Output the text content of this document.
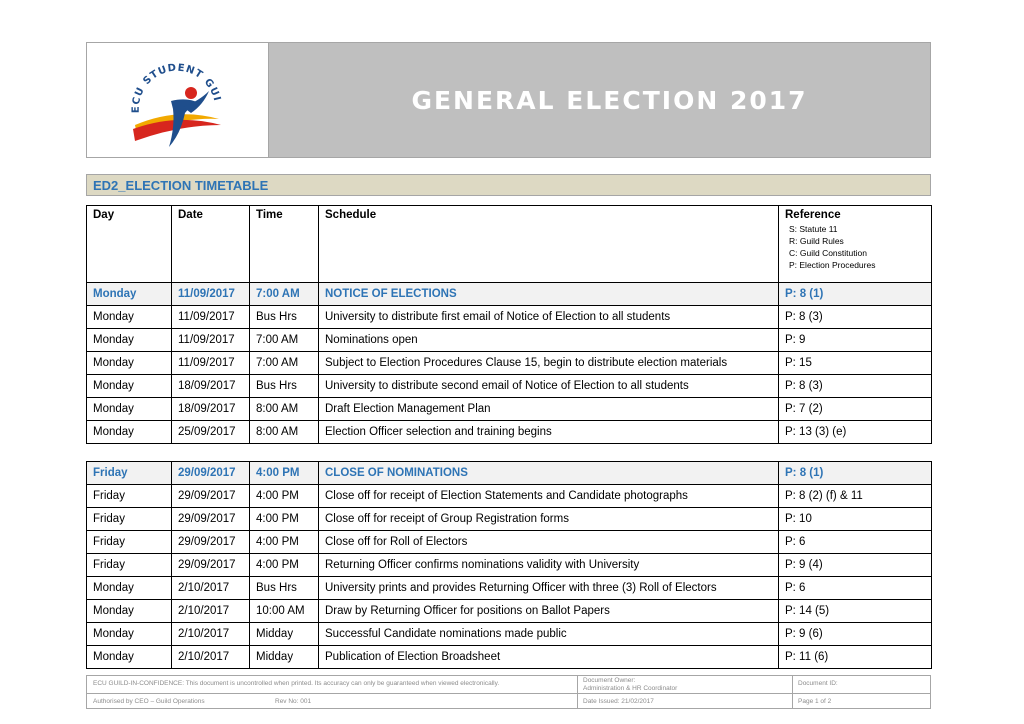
ECU STUDENT GUI	GENERAL ELECTION 2017
ED2_ELECTION TIMETABLE
Day	Date	Time	Schedule	Reference
S: Statute 11
R: Guild Rules
C: Guild Constitution
P: Election Procedures

Monday	11/09/2017	7:00 AM	NOTICE OF ELECTIONS	P: 8 (1)
Monday	11/09/2017	Bus Hrs	University to distribute first email of Notice of Election to all students	P: 8 (3)
Monday	11/09/2017	7:00 AM	Nominations open	P: 9
Monday	11/09/2017	7:00 AM	Subject to Election Procedures Clause 15, begin to distribute election materials	P: 15
Monday	18/09/2017	Bus Hrs	University to distribute second email of Notice of Election to all students	P: 8 (3)
Monday	18/09/2017	8:00 AM	Draft Election Management Plan	P: 7 (2)
Monday	25/09/2017	8:00 AM	Election Officer selection and training begins	P: 13 (3) (e)
Friday	29/09/2017	4:00 PM	CLOSE OF NOMINATIONS	P: 8 (1)
Friday	29/09/2017	4:00 PM	Close off for receipt of Election Statements and Candidate photographs	P: 8 (2) (f) & 11
Friday	29/09/2017	4:00 PM	Close off for receipt of Group Registration forms	P: 10
Friday	29/09/2017	4:00 PM	Close off for Roll of Electors	P: 6
Friday	29/09/2017	4:00 PM	Returning Officer confirms nominations validity with University	P: 9 (4)
Monday	2/10/2017	Bus Hrs	University prints and provides Returning Officer with three (3) Roll of Electors	P: 6
Monday	2/10/2017	10:00 AM	Draw by Returning Officer for positions on Ballot Papers	P: 14 (5)
Monday	2/10/2017	Midday	Successful Candidate nominations made public	P: 9 (6)
Monday	2/10/2017	Midday	Publication of Election Broadsheet	P: 11 (6)
ECU GUILD-IN-CONFIDENCE: This document is uncontrolled when printed. Its accuracy can only be guaranteed when viewed electronically.	Document Owner:
Administration & HR Coordinator
Document ID:
Authorised by CEO – Guild Operations	Rev No: 001	Date Issued: 21/02/2017	Page 1 of 2
